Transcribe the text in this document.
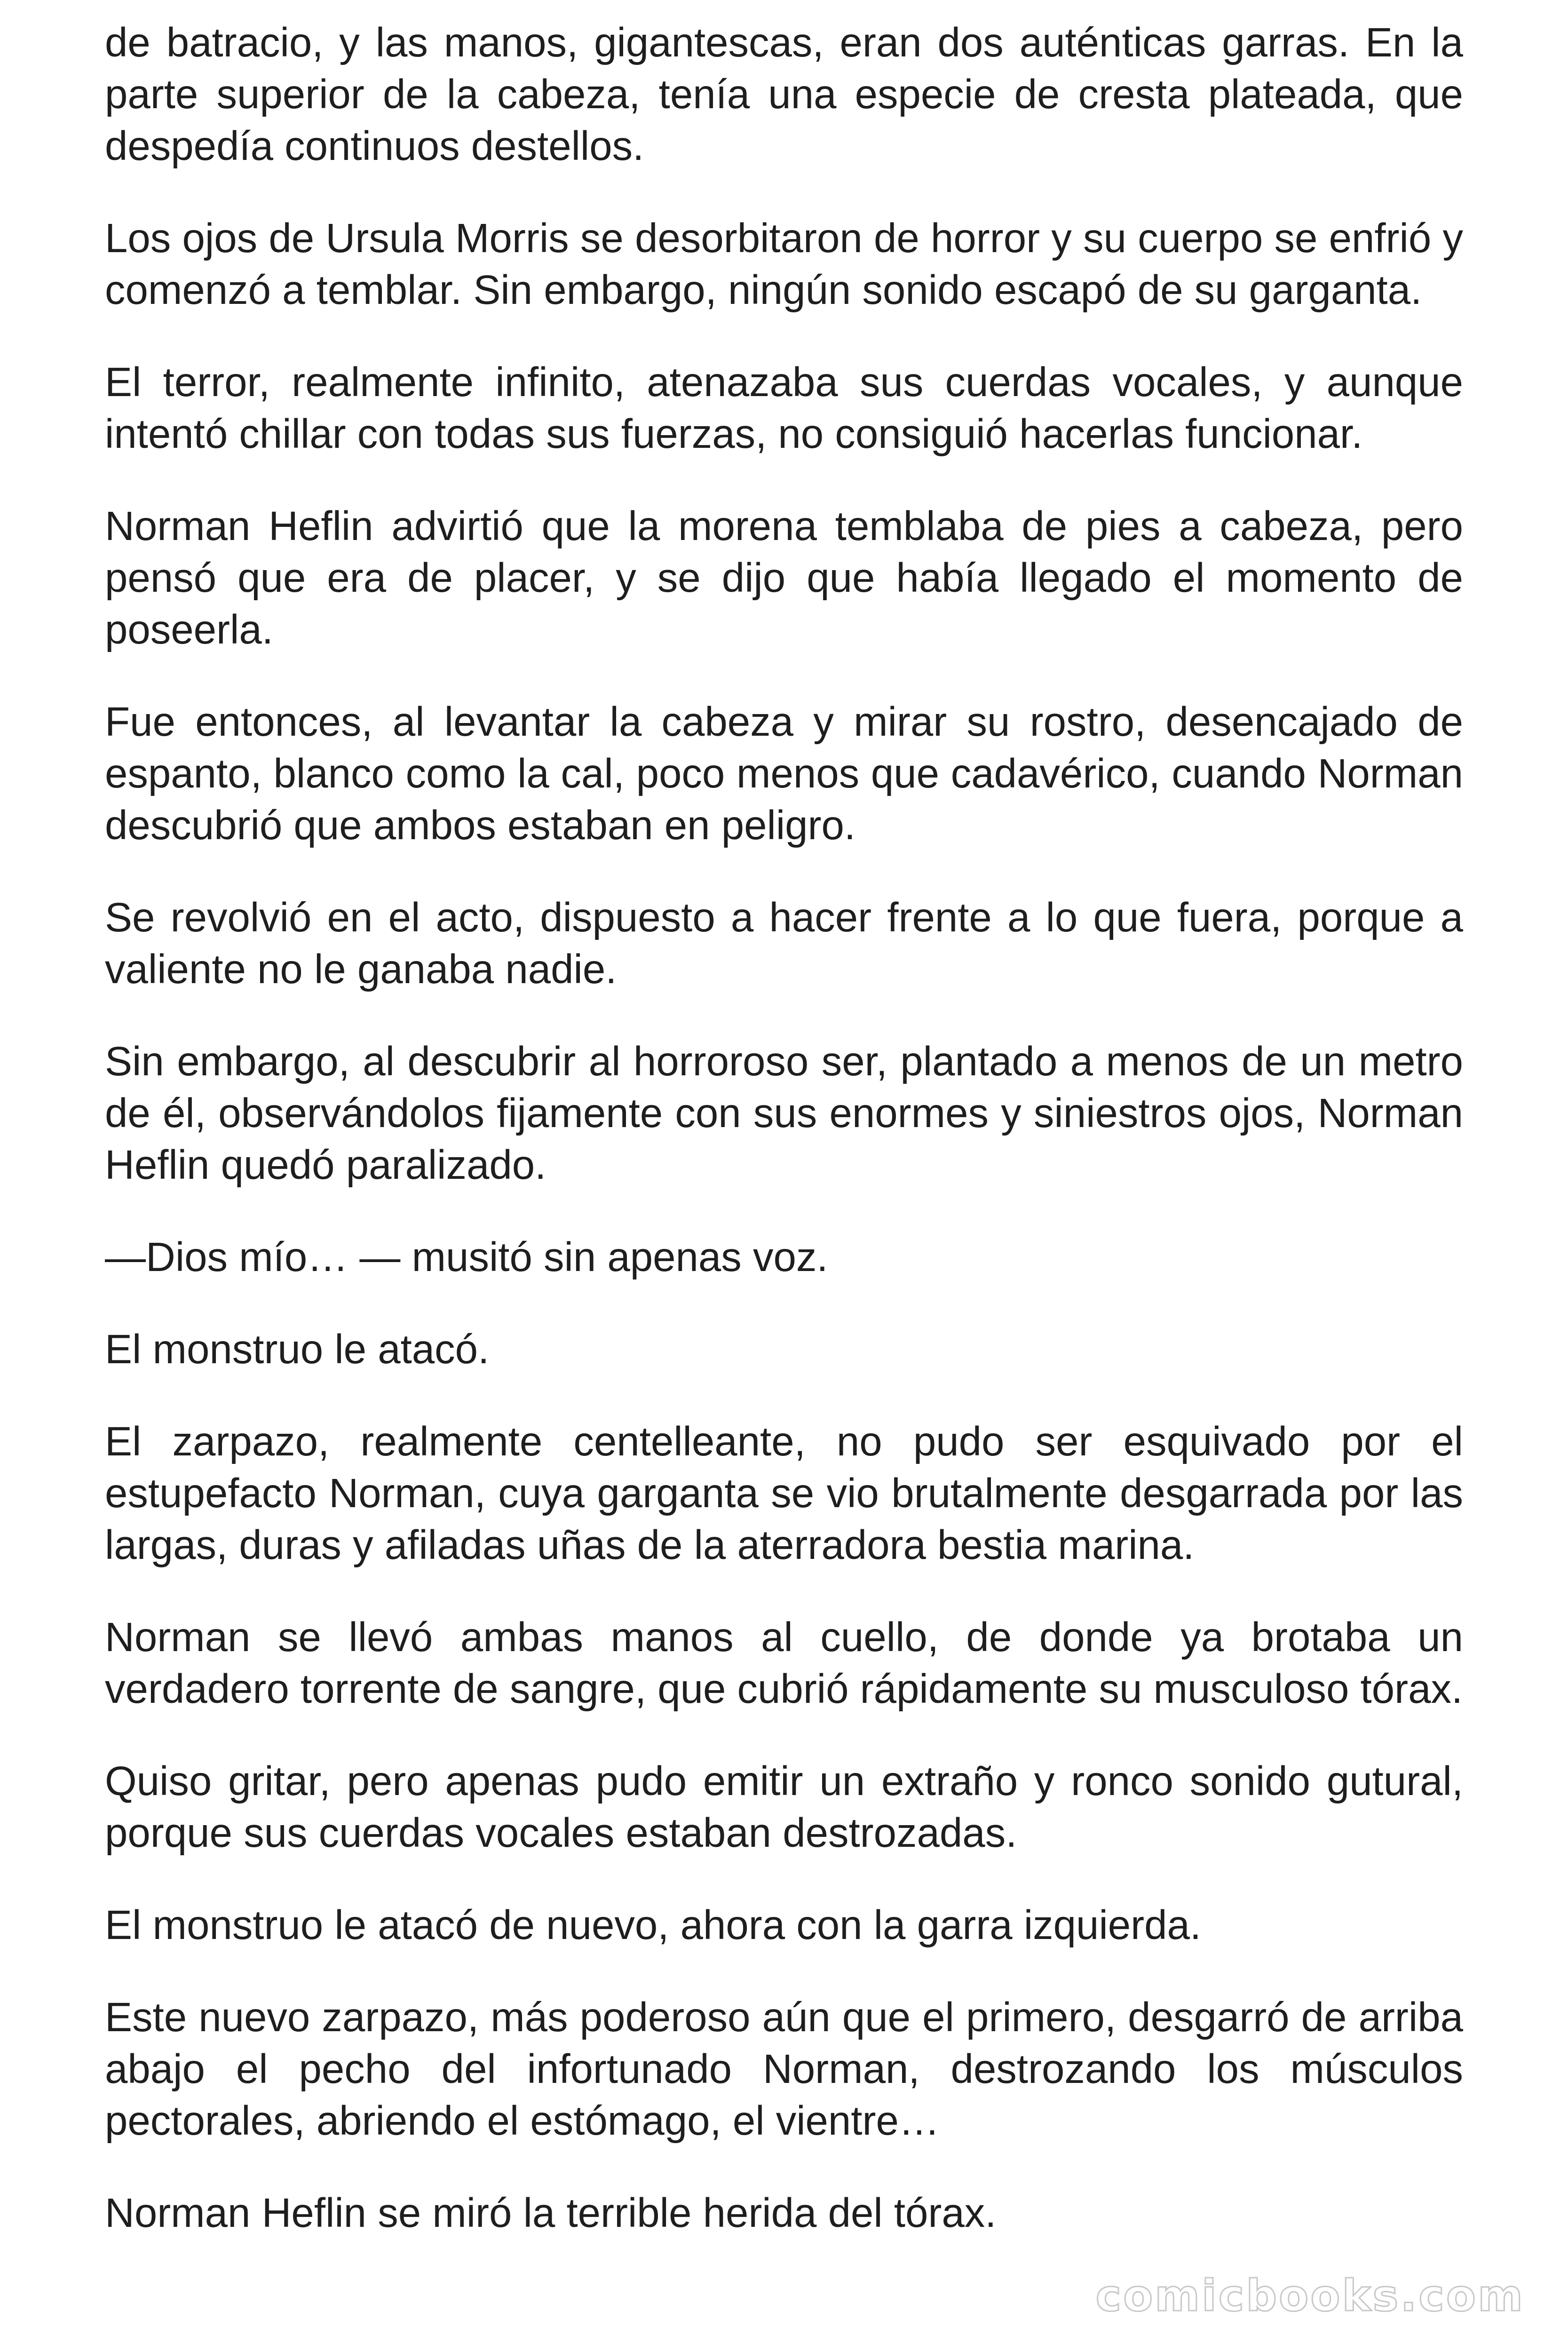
de batracio, y las manos, gigantescas, eran dos auténticas garras. En la parte superior de la cabeza, tenía una especie de cresta plateada, que despedía continuos destellos.

Los ojos de Ursula Morris se desorbitaron de horror y su cuerpo se enfrió y comenzó a temblar. Sin embargo, ningún sonido escapó de su garganta.

El terror, realmente infinito, atenazaba sus cuerdas vocales, y aunque intentó chillar con todas sus fuerzas, no consiguió hacerlas funcionar.

Norman Heflin advirtió que la morena temblaba de pies a cabeza, pero pensó que era de placer, y se dijo que había llegado el momento de poseerla.

Fue entonces, al levantar la cabeza y mirar su rostro, desencajado de espanto, blanco como la cal, poco menos que cadavérico, cuando Norman descubrió que ambos estaban en peligro.

Se revolvió en el acto, dispuesto a hacer frente a lo que fuera, porque a valiente no le ganaba nadie.

Sin embargo, al descubrir al horroroso ser, plantado a menos de un metro de él, observándolos fijamente con sus enormes y siniestros ojos, Norman Heflin quedó paralizado.

—Dios mío… — musitó sin apenas voz.

El monstruo le atacó.

El zarpazo, realmente centelleante, no pudo ser esquivado por el estupefacto Norman, cuya garganta se vio brutalmente desgarrada por las largas, duras y afiladas uñas de la aterradora bestia marina.

Norman se llevó ambas manos al cuello, de donde ya brotaba un verdadero torrente de sangre, que cubrió rápidamente su musculoso tórax.

Quiso gritar, pero apenas pudo emitir un extraño y ronco sonido gutural, porque sus cuerdas vocales estaban destrozadas.

El monstruo le atacó de nuevo, ahora con la garra izquierda.

Este nuevo zarpazo, más poderoso aún que el primero, desgarró de arriba abajo el pecho del infortunado Norman, destrozando los músculos pectorales, abriendo el estómago, el vientre…

Norman Heflin se miró la terrible herida del tórax.

comicbooks.com
